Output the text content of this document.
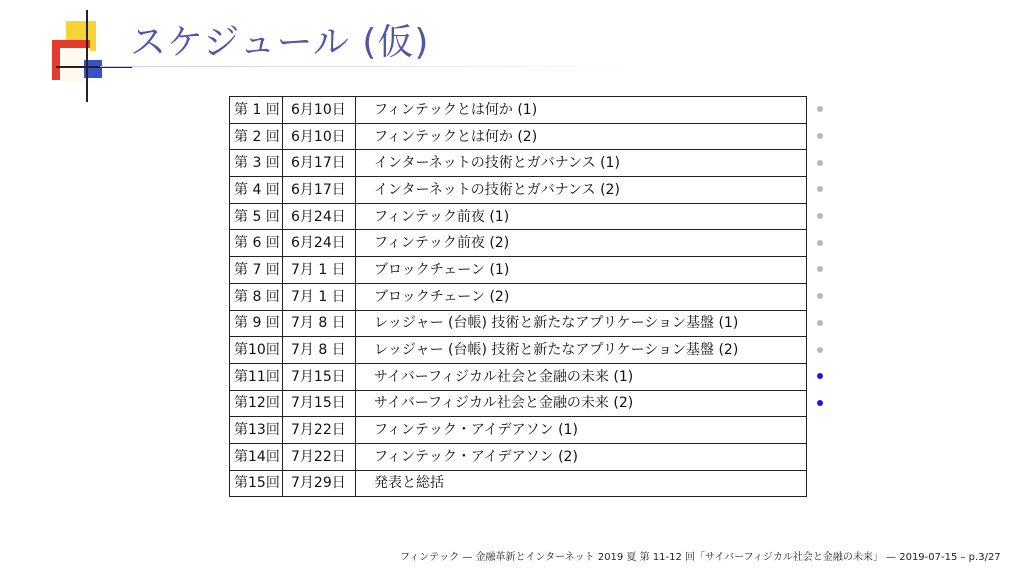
スケジュール (仮)
第 1 回	6月10日	フィンテックとは何か (1)
第 2 回	6月10日	フィンテックとは何か (2)
第 3 回	6月17日	インターネットの技術とガバナンス (1)
第 4 回	6月17日	インターネットの技術とガバナンス (2)
第 5 回	6月24日	フィンテック前夜 (1)
第 6 回	6月24日	フィンテック前夜 (2)
第 7 回	7月 1 日	ブロックチェーン (1)
第 8 回	7月 1 日	ブロックチェーン (2)
第 9 回	7月 8 日	レッジャー (台帳) 技術と新たなアプリケーション基盤 (1)
第10回	7月 8 日	レッジャー (台帳) 技術と新たなアプリケーション基盤 (2)
第11回	7月15日	サイバーフィジカル社会と金融の未来 (1)
第12回	7月15日	サイバーフィジカル社会と金融の未来 (2)
第13回	7月22日	フィンテック・アイデアソン (1)
第14回	7月22日	フィンテック・アイデアソン (2)
第15回	7月29日	発表と総括
フィンテック — 金融革新とインターネット 2019 夏 第 11-12 回「サイバーフィジカル社会と金融の未来」 — 2019-07-15 – p.3/27
